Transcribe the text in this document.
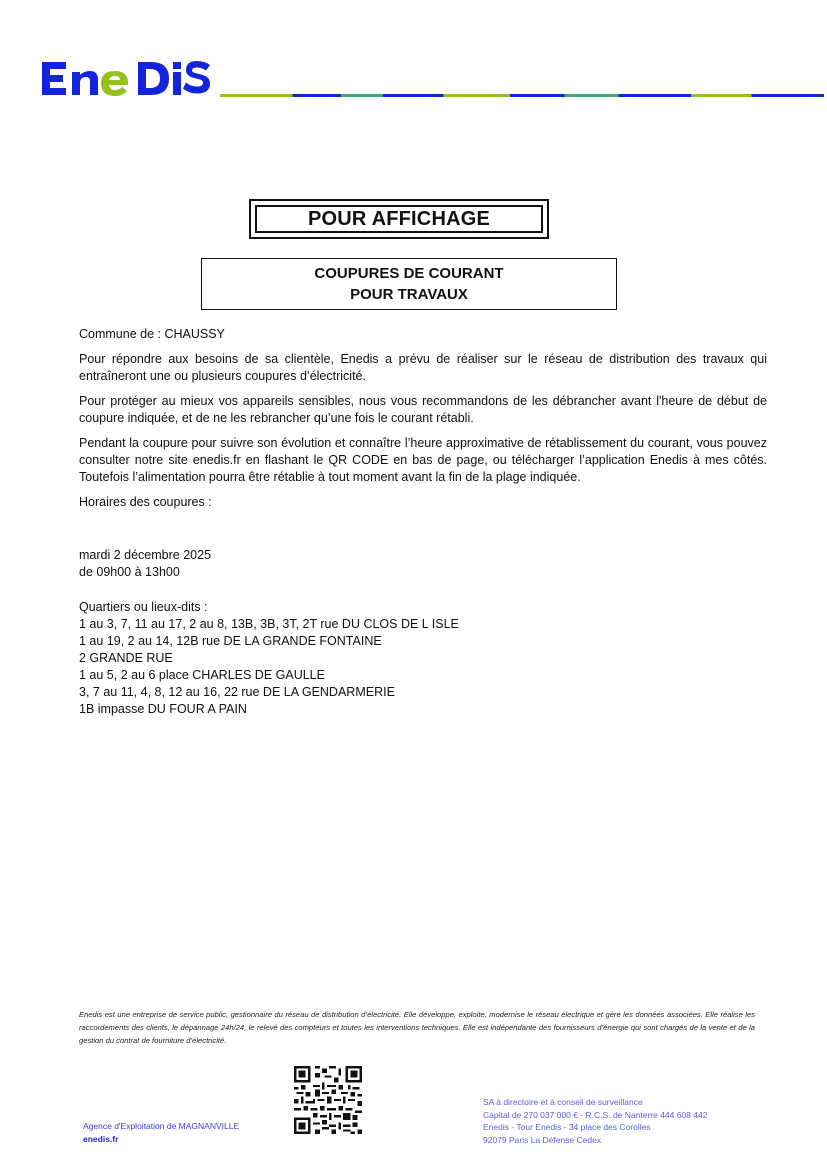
POUR AFFICHAGE
COUPURES DE COURANT
POUR TRAVAUX

Commune de : CHAUSSY

Pour répondre aux besoins de sa clientèle, Enedis a prévu de réaliser sur le réseau de distribution des travaux qui entraîneront une ou plusieurs coupures d’électricité.

Pour protéger au mieux vos appareils sensibles, nous vous recommandons de les débrancher avant l'heure de début de coupure indiquée, et de ne les rebrancher qu’une fois le courant rétabli.

Pendant la coupure pour suivre son évolution et connaître l’heure approximative de rétablissement du courant, vous pouvez consulter notre site enedis.fr en flashant le QR CODE en bas de page, ou télécharger l’application Enedis à mes côtés. Toutefois l’alimentation pourra être rétablie à tout moment avant la fin de la plage indiquée.

Horaires des coupures :

mardi 2 décembre 2025
de 09h00 à 13h00
Quartiers ou lieux-dits :
1 au 3, 7, 11 au 17, 2 au 8, 13B, 3B, 3T, 2T rue DU CLOS DE L ISLE
1 au 19, 2 au 14, 12B rue DE LA GRANDE FONTAINE
2 GRANDE RUE
1 au 5, 2 au 6 place CHARLES DE GAULLE
3, 7 au 11, 4, 8, 12 au 16, 22 rue DE LA GENDARMERIE
1B impasse DU FOUR A PAIN
Enedis est une entreprise de service public, gestionnaire du réseau de distribution d’électricité. Elle développe, exploite, modernise le réseau électrique et gère les données associées. Elle réalise les raccordements des clients, le dépannage 24h/24, le relevé des compteurs et toutes les interventions techniques. Elle est indépendante des fournisseurs d’énergie qui sont chargés de la vente et de la gestion du contrat de fourniture d’électricité.
Agence d'Exploitation de MAGNANVILLE
enedis.fr
SA à directoire et à conseil de surveillance
Capital de 270 037 000 € - R.C.S. de Nanterre 444 608 442
Enedis - Tour Enedis - 34 place des Corolles
92079 Paris La Défense Cedex
